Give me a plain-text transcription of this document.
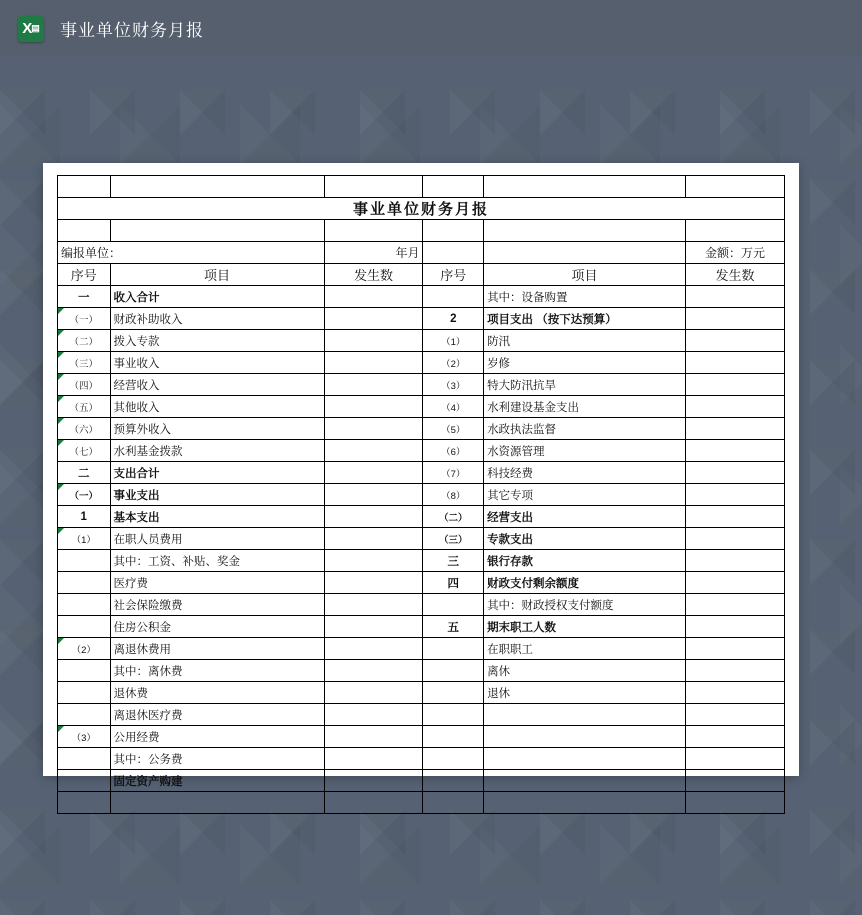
X ▤ 事业单位财务月报

事业单位财务月报					

编报单位：		年月			金额：万元
序号	项目	发生数	序号	项目	发生数
一	收入合计			其中：设备购置	
（一）	财政补助收入		2	项目支出 （按下达预算）	
（二）	拨入专款		（1）	防汛	
（三）	事业收入		（2）	岁修	
（四）	经营收入		（3）	特大防汛抗旱	
（五）	其他收入		（4）	水利建设基金支出	
（六）	预算外收入		（5）	水政执法监督	
（七）	水利基金拨款		（6）	水资源管理	
二	支出合计		（7）	科技经费	
（一）	事业支出		（8）	其它专项	
1	基本支出		（二）	经营支出	
（1）	在职人员费用		（三）	专款支出	
	其中：工资、补贴、奖金		三	银行存款	
	医疗费		四	财政支付剩余额度	
	社会保险缴费			其中：财政授权支付额度	
	住房公积金		五	期末职工人数	
（2）	离退休费用			在职职工	
	其中：离休费			离休	
	退休费			退休	
	离退休医疗费				
（3）	公用经费				
	其中：公务费				
	固定资产购建				
